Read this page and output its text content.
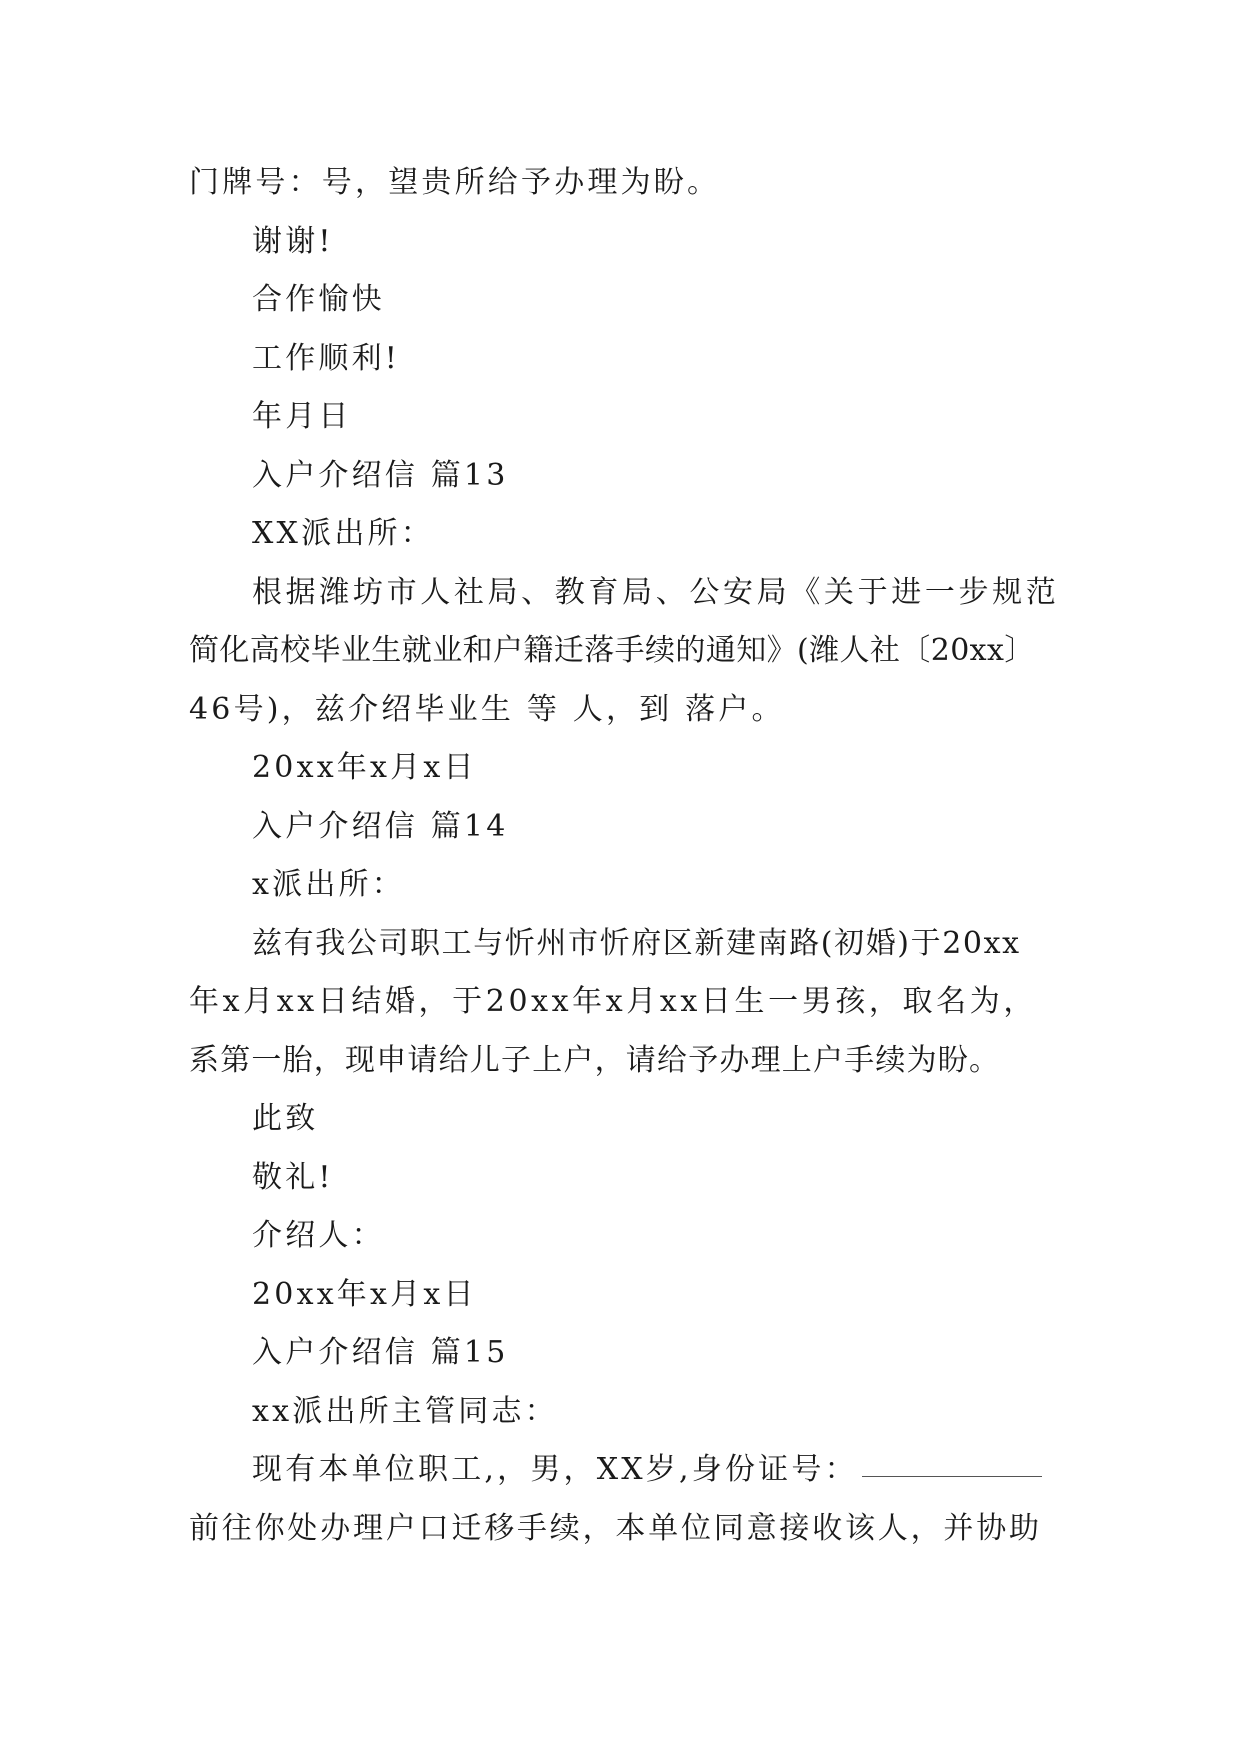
门牌号：号，望贵所给予办理为盼。
谢谢!
合作愉快
工作顺利!
年月日
入户介绍信 篇13
XX派出所：
根据潍坊市人社局、教育局、公安局《关于进一步规范
简化高校毕业生就业和户籍迁落手续的通知》(潍人社〔20xx〕
46号)，兹介绍毕业生 等 人，到 落户。
20xx年x月x日
入户介绍信 篇14
x派出所：
兹有我公司职工与忻州市忻府区新建南路(初婚)于20xx
年x月xx日结婚，于20xx年x月xx日生一男孩，取名为，
系第一胎，现申请给儿子上户，请给予办理上户手续为盼。
此致
敬礼!
介绍人：
20xx年x月x日
入户介绍信 篇15
xx派出所主管同志：
现有本单位职工,，男，XX岁,身份证号：
前往你处办理户口迁移手续，本单位同意接收该人，并协助
